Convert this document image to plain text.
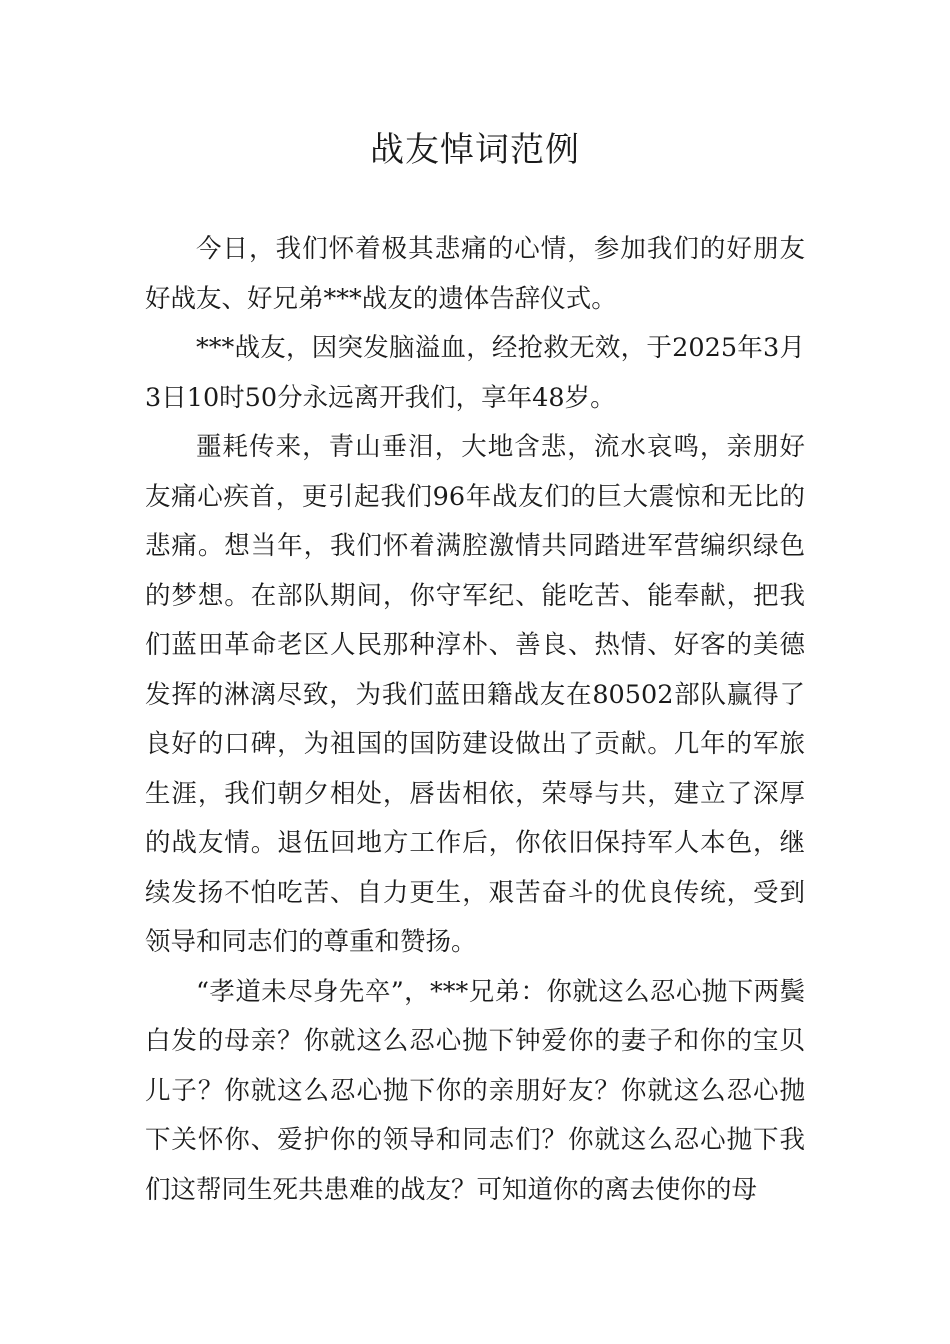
战友悼词范例

今日，我们怀着极其悲痛的心情，参加我们的好朋友好战友、好兄弟***战友的遗体告辞仪式。

***战友，因突发脑溢血，经抢救无效，于2025年3月3日10时50分永远离开我们，享年48岁。

噩耗传来，青山垂泪，大地含悲，流水哀鸣，亲朋好友痛心疾首，更引起我们96年战友们的巨大震惊和无比的悲痛。想当年，我们怀着满腔激情共同踏进军营编织绿色的梦想。在部队期间，你守军纪、能吃苦、能奉献，把我们蓝田革命老区人民那种淳朴、善良、热情、好客的美德发挥的淋漓尽致，为我们蓝田籍战友在80502部队赢得了良好的口碑，为祖国的国防建设做出了贡献。几年的军旅生涯，我们朝夕相处，唇齿相依，荣辱与共，建立了深厚的战友情。退伍回地方工作后，你依旧保持军人本色，继续发扬不怕吃苦、自力更生，艰苦奋斗的优良传统，受到领导和同志们的尊重和赞扬。

“孝道未尽身先卒”，***兄弟：你就这么忍心抛下两鬓白发的母亲？你就这么忍心抛下钟爱你的妻子和你的宝贝儿子？你就这么忍心抛下你的亲朋好友？你就这么忍心抛下关怀你、爱护你的领导和同志们？你就这么忍心抛下我们这帮同生死共患难的战友？可知道你的离去使你的母
